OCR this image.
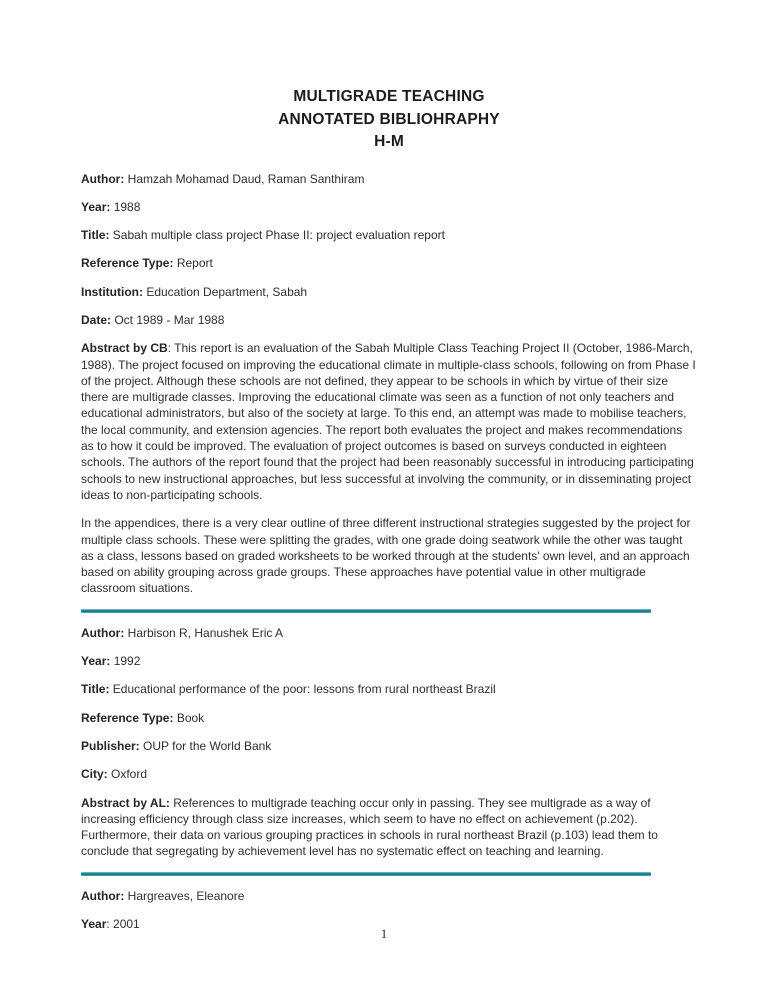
MULTIGRADE TEACHING
ANNOTATED BIBLIOHRAPHY
H-M

Author: Hamzah Mohamad Daud, Raman Santhiram

Year: 1988

Title: Sabah multiple class project Phase II: project evaluation report

Reference Type: Report

Institution: Education Department, Sabah

Date: Oct 1989 - Mar 1988

Abstract by CB: This report is an evaluation of the Sabah Multiple Class Teaching Project II (October, 1986-March, 1988). The project focused on improving the educational climate in multiple-class schools, following on from Phase I of the project. Although these schools are not defined, they appear to be schools in which by virtue of their size there are multigrade classes. Improving the educational climate was seen as a function of not only teachers and educational administrators, but also of the society at large. To this end, an attempt was made to mobilise teachers, the local community, and extension agencies. The report both evaluates the project and makes recommendations as to how it could be improved. The evaluation of project outcomes is based on surveys conducted in eighteen schools. The authors of the report found that the project had been reasonably successful in introducing participating schools to new instructional approaches, but less successful at involving the community, or in disseminating project ideas to non-participating schools.

In the appendices, there is a very clear outline of three different instructional strategies suggested by the project for multiple class schools. These were splitting the grades, with one grade doing seatwork while the other was taught as a class, lessons based on graded worksheets to be worked through at the students' own level, and an approach based on ability grouping across grade groups. These approaches have potential value in other multigrade classroom situations.

Author: Harbison R, Hanushek Eric A

Year: 1992

Title: Educational performance of the poor: lessons from rural northeast Brazil

Reference Type: Book

Publisher: OUP for the World Bank

City: Oxford

Abstract by AL: References to multigrade teaching occur only in passing. They see multigrade as a way of increasing efficiency through class size increases, which seem to have no effect on achievement (p.202). Furthermore, their data on various grouping practices in schools in rural northeast Brazil (p.103) lead them to conclude that segregating by achievement level has no systematic effect on teaching and learning.

Author: Hargreaves, Eleanore

Year: 2001

1
